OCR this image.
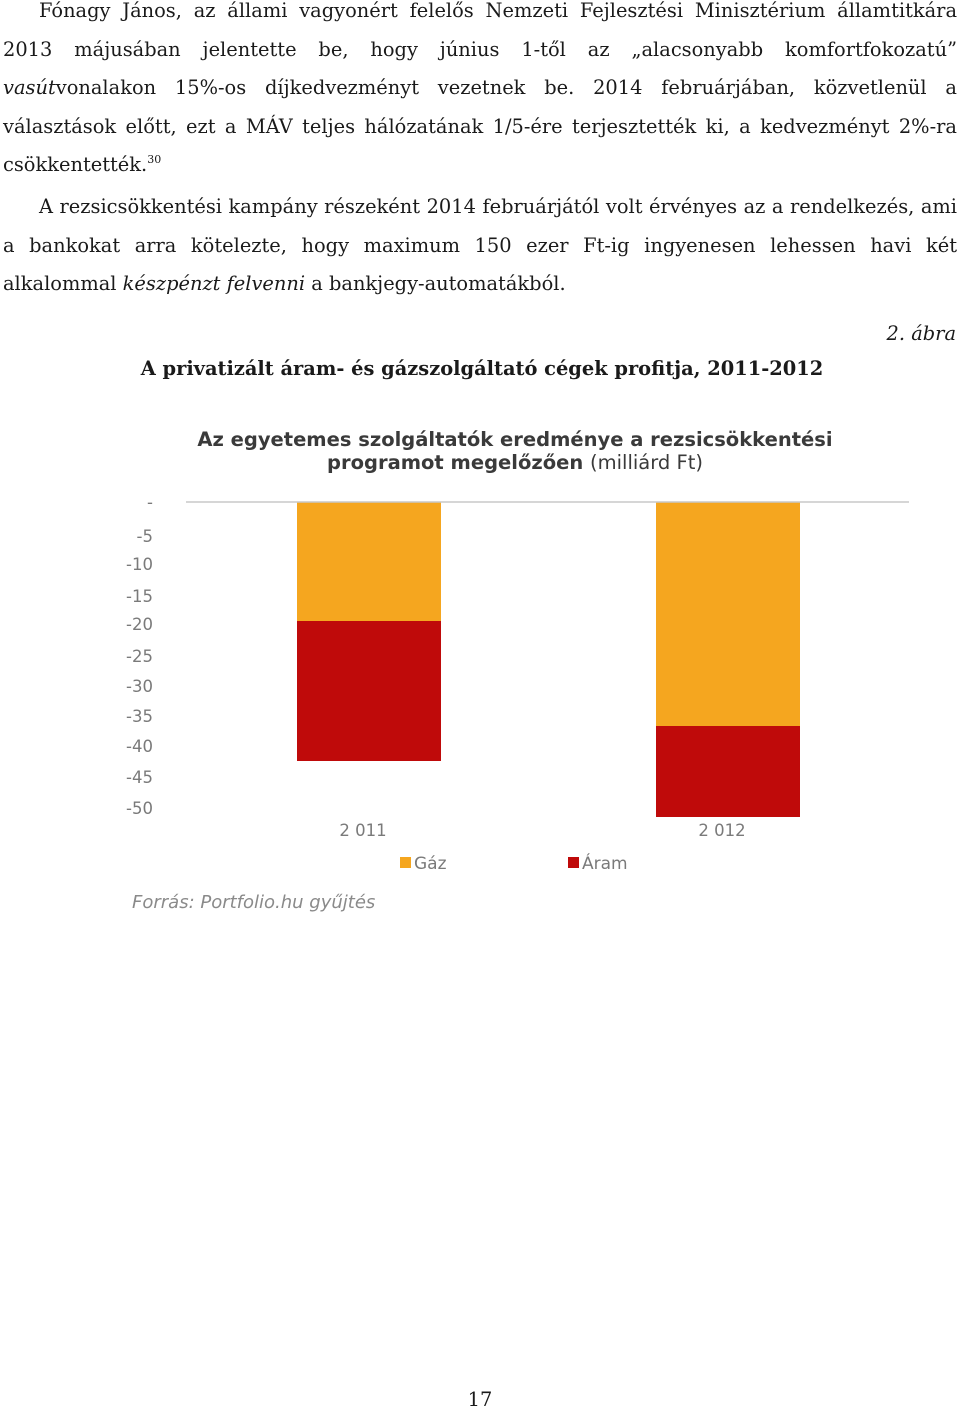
Fónagy János, az állami vagyonért felelős Nemzeti Fejlesztési Minisztérium államtitkára 2013 májusában jelentette be, hogy június 1-től az „alacsonyabb komfortfokozatú” vasútvonalakon 15%-os díjkedvezményt vezetnek be. 2014 februárjában, közvetlenül a választások előtt, ezt a MÁV teljes hálózatának 1/5-ére terjesztették ki, a kedvezményt 2%-ra csökkentették.$^{30}$

A rezsicsökkentési kampány részeként 2014 februárjától volt érvényes az a rendelkezés, ami a bankokat arra kötelezte, hogy maximum 150 ezer Ft-ig ingyenesen lehessen havi két alkalommal készpénzt felvenni a bankjegy-automatákból.

2. ábra
A privatizált áram- és gázszolgáltató cégek profitja, 2011-2012
Az egyetemes szolgáltatók eredménye a rezsicsökkentési
programot megelőzően (milliárd Ft)
-
-5
-10
-15
-20
-25
-30
-35
-40
-45
-50
2 011	2 012
Gáz	Áram
Forrás: Portfolio.hu gyűjtés
17
